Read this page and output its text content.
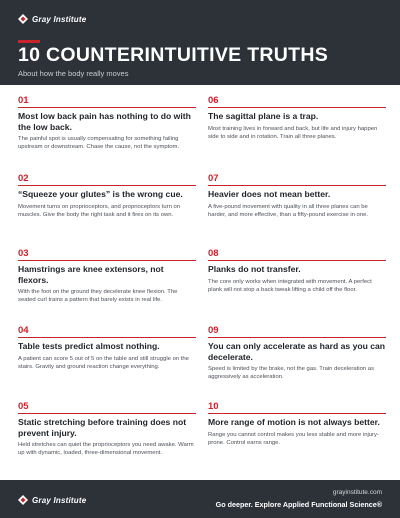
Gray Institute
10 COUNTERINTUITIVE TRUTHS
About how the body really moves
01
Most low back pain has nothing to do with the low back.
The painful spot is usually compensating for something failing upstream or downstream. Chase the cause, not the symptom.
02
“Squeeze your glutes” is the wrong cue.
Movement turns on proprioceptors, and proprioceptors turn on muscles. Give the body the right task and it fires on its own.
03
Hamstrings are knee extensors, not flexors.
With the foot on the ground they decelerate knee flexion. The seated curl trains a pattern that barely exists in real life.
04
Table tests predict almost nothing.
A patient can score 5 out of 5 on the table and still struggle on the stairs. Gravity and ground reaction change everything.
05
Static stretching before training does not prevent injury.
Held stretches can quiet the proprioceptors you need awake. Warm up with dynamic, loaded, three-dimensional movement.
06
The sagittal plane is a trap.
Most training lives in forward and back, but life and injury happen side to side and in rotation. Train all three planes.
07
Heavier does not mean better.
A five-pound movement with quality in all three planes can be harder, and more effective, than a fifty-pound exercise in one.
08
Planks do not transfer.
The core only works when integrated with movement. A perfect plank will not stop a back tweak lifting a child off the floor.
09
You can only accelerate as hard as you can decelerate.
Speed is limited by the brake, not the gas. Train deceleration as aggressively as acceleration.
10
More range of motion is not always better.
Range you cannot control makes you less stable and more injury-prone. Control earns range.
Gray Institute
grayinstitute.com
Go deeper. Explore Applied Functional Science®
